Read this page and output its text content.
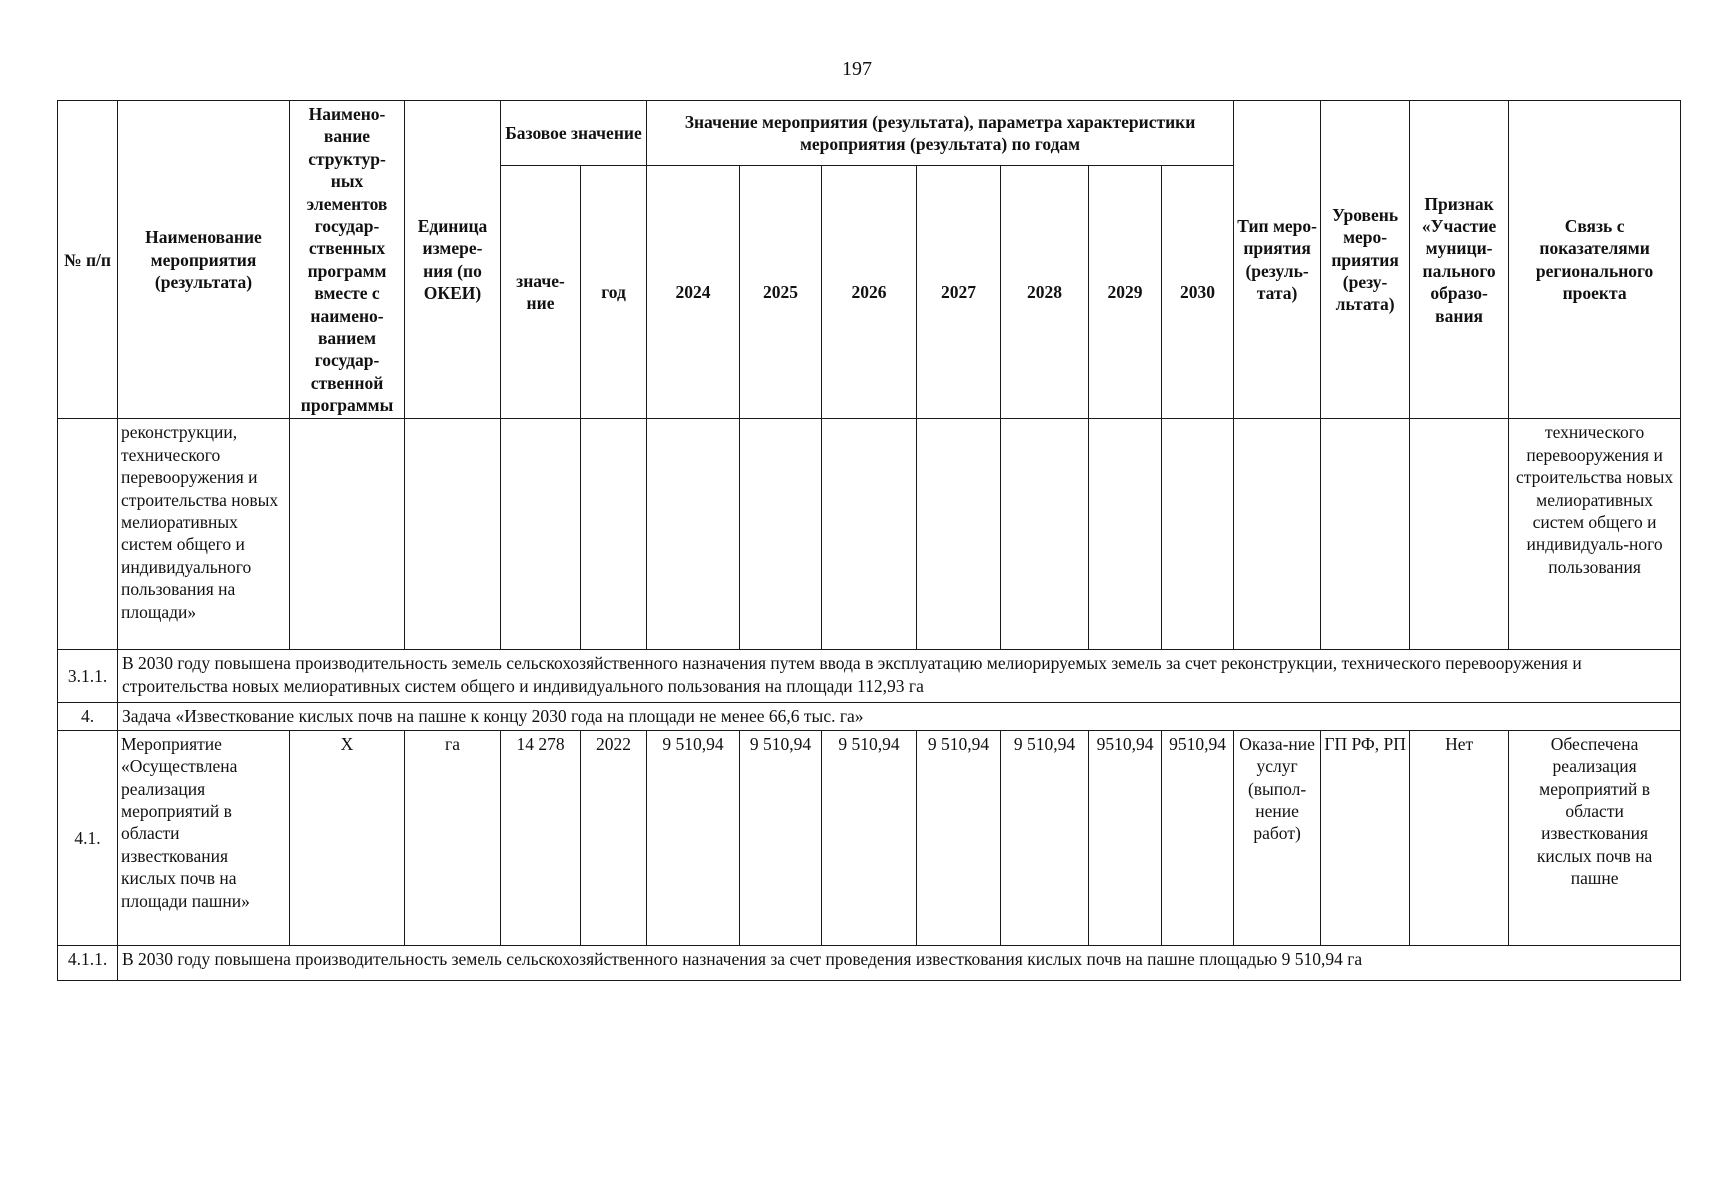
197
№ п/п	Наименование мероприятия (результата)	Наимено-вание структур-ных элементов государ-ственных программ вместе с наимено-ванием государ-ственной программы	Единица измере-ния (по ОКЕИ)	Базовое значение		Значение мероприятия (результата), параметра характеристики мероприятия (результата) по годам							Тип меро-приятия (резуль-тата)	Уровень меро-приятия (резу-льтата)	Признак «Участие муници-пального образо-вания	Связь с показателями регионального проекта
				значе-ние	год	2024	2025	2026	2027	2028	2029	2030				
	реконструкции, технического перевооружения и строительства новых мелиоративных систем общего и индивидуального пользования на площади»															технического перевооружения и строительства новых мелиоративных систем общего и индивидуаль-ного пользования
3.1.1.	В 2030 году повышена производительность земель сельскохозяйственного назначения путем ввода в эксплуатацию мелиорируемых земель за счет реконструкции, технического перевооружения и строительства новых мелиоративных систем общего и индивидуального пользования на площади 112,93 га															
4.	Задача «Известкование кислых почв на пашне к концу 2030 года на площади не менее 66,6 тыс. га»															
4.1.	Мероприятие «Осуществлена реализация мероприятий в области известкования кислых почв на площади пашни»	Х	га	14 278	2022	9 510,94	9 510,94	9 510,94	9 510,94	9 510,94	9510,94	9510,94	Оказа-ние услуг (выпол-нение работ)	ГП РФ, РП	Нет	Обеспечена реализация мероприятий в области известкования кислых почв на пашне
4.1.1.	В 2030 году повышена производительность земель сельскохозяйственного назначения за счет проведения известкования кислых почв на пашне площадью 9 510,94 га															
